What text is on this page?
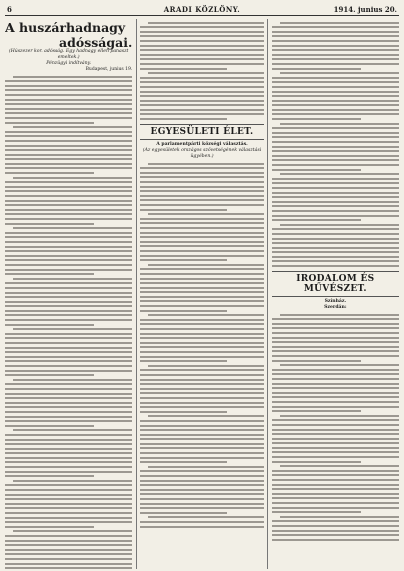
6	ARADI KÖZLÖNY.	1914. junius 20.
A huszárhadnagy
adósságai.
(Húszezer kor. adósság. Egy hadnagy ellen panaszt emeltek.)
Pénzügyi indítvány.
Budapest, junius 19.
EGYESÜLETI ÉLET.
A parlamentpárti községi választás.
(Az egyesületek országos szövetségének választási ügyében.)
IRODALOM ÉS MŰVÉSZET.
Színház.
Szerdán:
